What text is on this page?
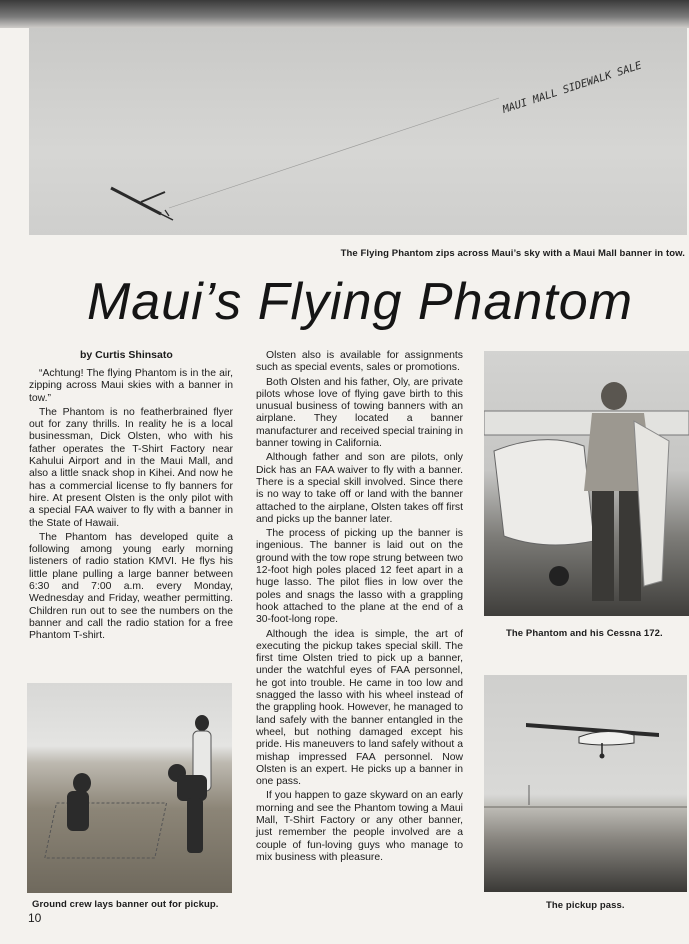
MAUI MALL SIDEWALK SALE
The Flying Phantom zips across Maui’s sky with a Maui Mall banner in tow.
Maui’s Flying Phantom
by Curtis Shinsato

“Achtung! The flying Phantom is in the air, zipping across Maui skies with a banner in tow.”

The Phantom is no featherbrained flyer out for zany thrills. In reality he is a local businessman, Dick Olsten, who with his father operates the T-Shirt Factory near Kahului Airport and in the Maui Mall, and also a little snack shop in Kihei. And now he has a commercial license to fly banners for hire. At present Olsten is the only pilot with a special FAA waiver to fly with a banner in the State of Hawaii.

The Phantom has developed quite a following among young early morning listeners of radio station KMVI. He flys his little plane pulling a large banner between 6:30 and 7:00 a.m. every Monday, Wednesday and Friday, weather permitting. Children run out to see the numbers on the banner and call the radio station for a free Phantom T-shirt.

Olsten also is available for assignments such as special events, sales or promotions.

Both Olsten and his father, Oly, are private pilots whose love of flying gave birth to this unusual business of towing banners with an airplane. They located a banner manufacturer and received special training in banner towing in California.

Although father and son are pilots, only Dick has an FAA waiver to fly with a banner. There is a special skill involved. Since there is no way to take off or land with the banner attached to the airplane, Olsten takes off first and picks up the banner later.

The process of picking up the banner is ingenious. The banner is laid out on the ground with the tow rope strung between two 12-foot high poles placed 12 feet apart in a huge lasso. The pilot flies in low over the poles and snags the lasso with a grappling hook attached to the plane at the end of a 30-foot-long rope.

Although the idea is simple, the art of executing the pickup takes special skill. The first time Olsten tried to pick up a banner, under the watchful eyes of FAA personnel, he got into trouble. He came in too low and snagged the lasso with his wheel instead of the grappling hook. However, he managed to land safely with the banner entangled in the wheel, but nothing damaged except his pride. His maneuvers to land safely without a mishap impressed FAA personnel. Now Olsten is an expert. He picks up a banner in one pass.

If you happen to gaze skyward on an early morning and see the Phantom towing a Maui Mall, T-Shirt Factory or any other banner, just remember the people involved are a couple of fun-loving guys who manage to mix business with pleasure.

Ground crew lays banner out for pickup.
The Phantom and his Cessna 172.
The pickup pass.
10
